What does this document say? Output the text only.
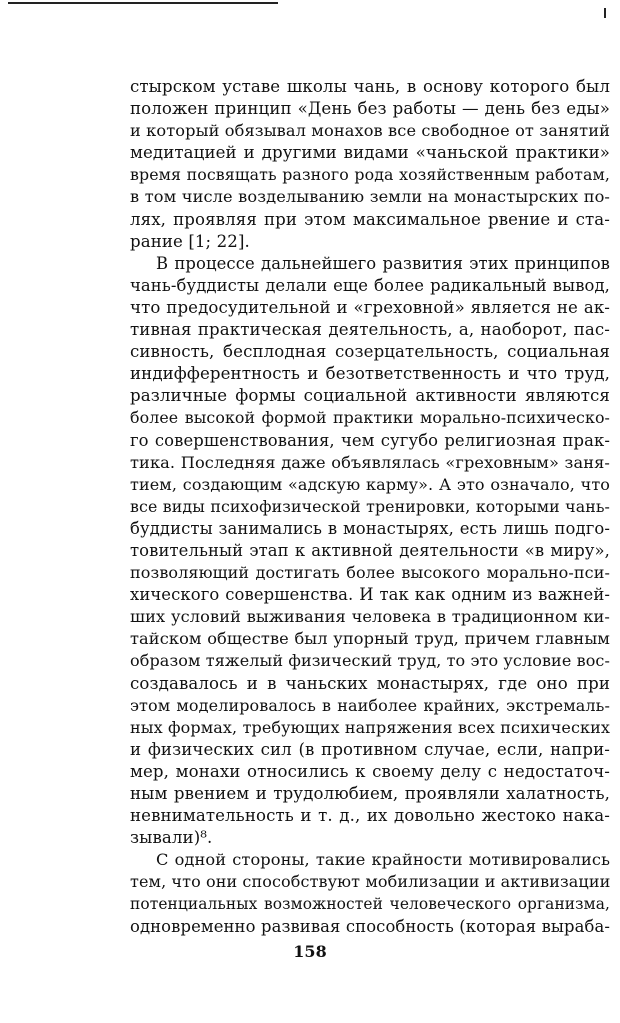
стырском уставе школы чань, в основу которого был
положен принцип «День без работы — день без еды»
и который обязывал монахов все свободное от занятий
медитацией и другими видами «чаньской практики»
время посвящать разного рода хозяйственным работам,
в том числе возделыванию земли на монастырских по-
лях, проявляя при этом максимальное рвение и ста-
рание [1; 22].
В процессе дальнейшего развития этих принципов
чань-буддисты делали еще более радикальный вывод,
что предосудительной и «греховной» является не ак-
тивная практическая деятельность, а, наоборот, пас-
сивность, бесплодная созерцательность, социальная
индифферентность и безответственность и что труд,
различные формы социальной активности являются
более высокой формой практики морально-психическо-
го совершенствования, чем сугубо религиозная прак-
тика. Последняя даже объявлялась «греховным» заня-
тием, создающим «адскую карму». А это означало, что
все виды психофизической тренировки, которыми чань-
буддисты занимались в монастырях, есть лишь подго-
товительный этап к активной деятельности «в миру»,
позволяющий достигать более высокого морально-пси-
хического совершенства. И так как одним из важней-
ших условий выживания человека в традиционном ки-
тайском обществе был упорный труд, причем главным
образом тяжелый физический труд, то это условие вос-
создавалось и в чаньских монастырях, где оно при
этом моделировалось в наиболее крайних, экстремаль-
ных формах, требующих напряжения всех психических
и физических сил (в противном случае, если, напри-
мер, монахи относились к своему делу с недостаточ-
ным рвением и трудолюбием, проявляли халатность,
невнимательность и т. д., их довольно жестоко нака-
зывали)⁸.
С одной стороны, такие крайности мотивировались
тем, что они способствуют мобилизации и активизации
потенциальных возможностей человеческого организма,
одновременно развивая способность (которая выраба-
158
